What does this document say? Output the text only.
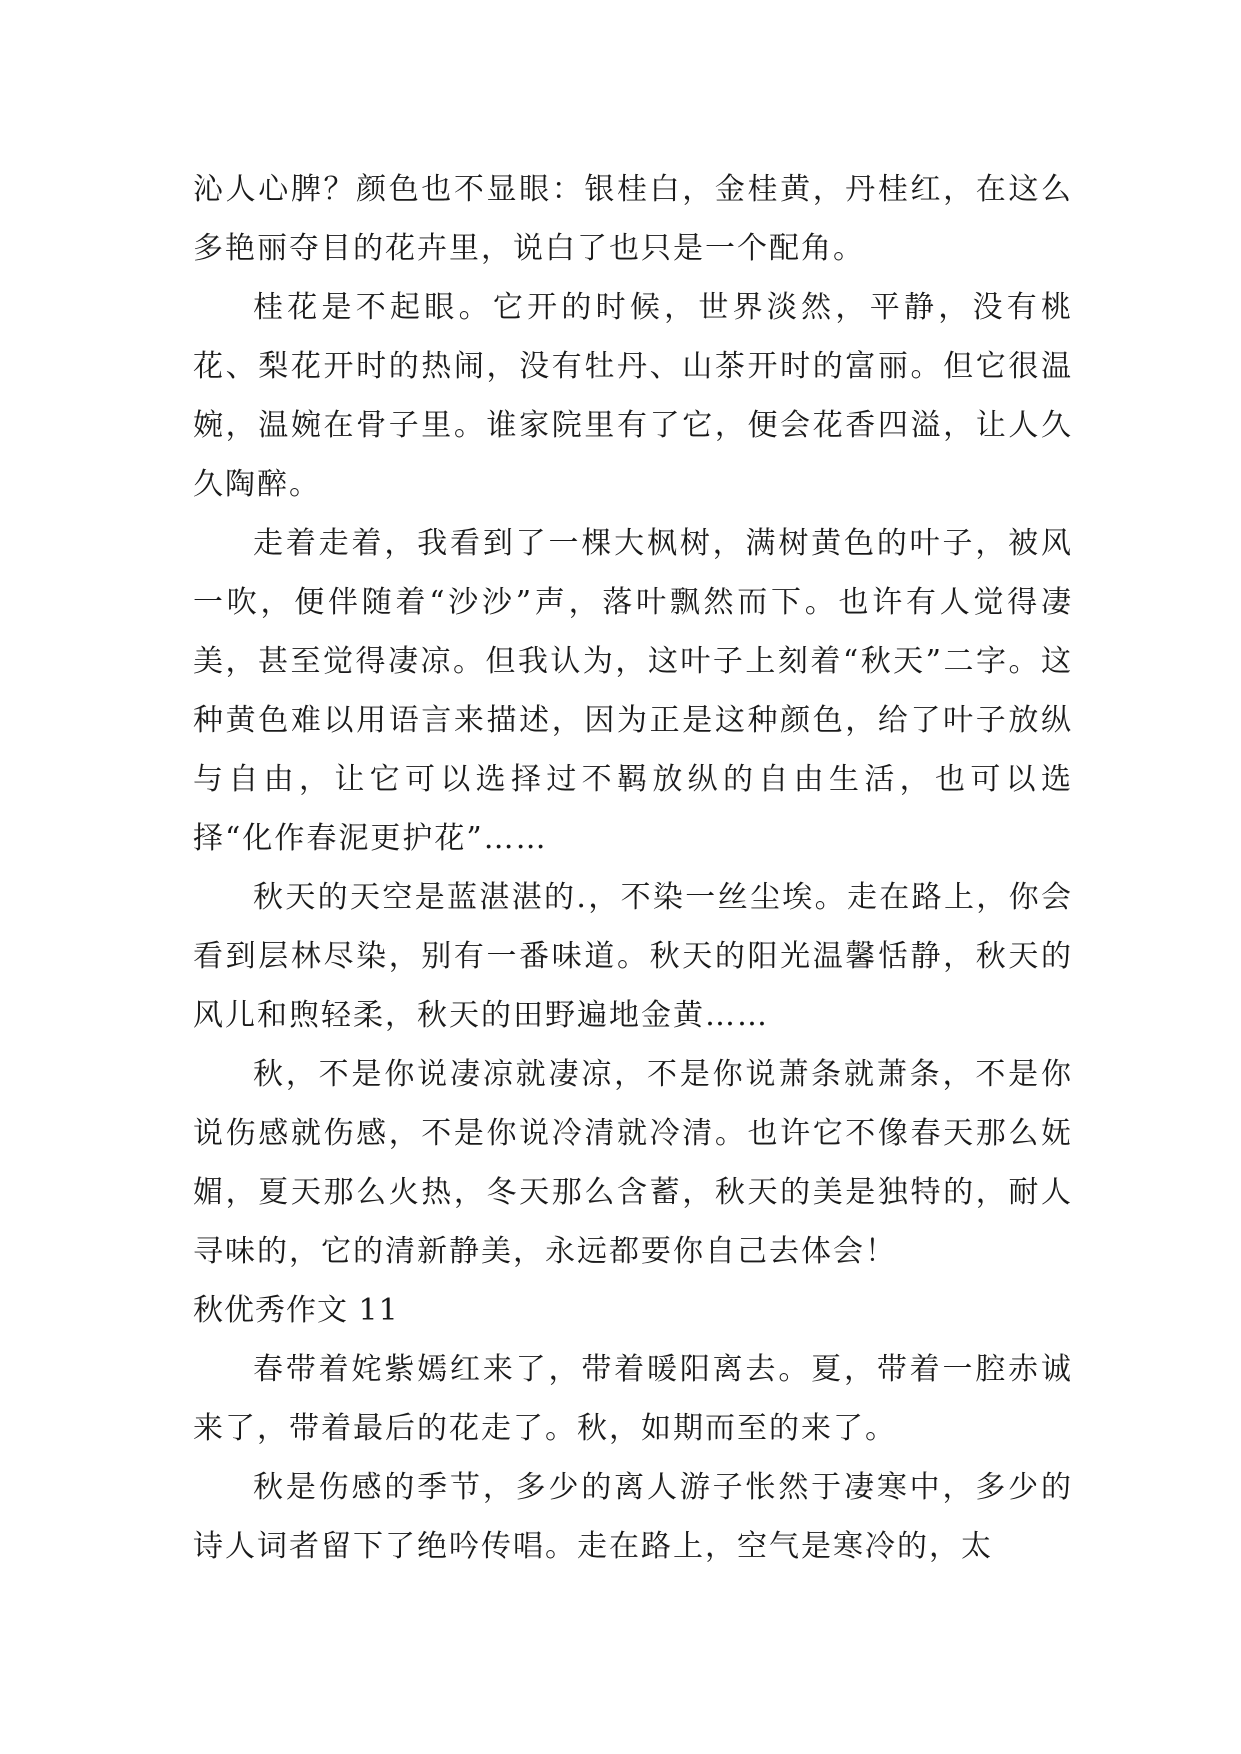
沁人心脾？颜色也不显眼：银桂白，金桂黄，丹桂红，在这么多艳丽夺目的花卉里，说白了也只是一个配角。

桂花是不起眼。它开的时候，世界淡然，平静，没有桃花、梨花开时的热闹，没有牡丹、山茶开时的富丽。但它很温婉，温婉在骨子里。谁家院里有了它，便会花香四溢，让人久久陶醉。

走着走着，我看到了一棵大枫树，满树黄色的叶子，被风一吹，便伴随着“沙沙”声，落叶飘然而下。也许有人觉得凄美，甚至觉得凄凉。但我认为，这叶子上刻着“秋天”二字。这种黄色难以用语言来描述，因为正是这种颜色，给了叶子放纵与自由，让它可以选择过不羁放纵的自由生活，也可以选择“化作春泥更护花”……

秋天的天空是蓝湛湛的.，不染一丝尘埃。走在路上，你会看到层林尽染，别有一番味道。秋天的阳光温馨恬静，秋天的风儿和煦轻柔，秋天的田野遍地金黄……

秋，不是你说凄凉就凄凉，不是你说萧条就萧条，不是你说伤感就伤感，不是你说冷清就冷清。也许它不像春天那么妩媚，夏天那么火热，冬天那么含蓄，秋天的美是独特的，耐人寻味的，它的清新静美，永远都要你自己去体会！

秋优秀作文 11

春带着姹紫嫣红来了，带着暖阳离去。夏，带着一腔赤诚来了，带着最后的花走了。秋，如期而至的来了。

秋是伤感的季节，多少的离人游子怅然于凄寒中，多少的诗人词者留下了绝吟传唱。走在路上，空气是寒冷的，太
